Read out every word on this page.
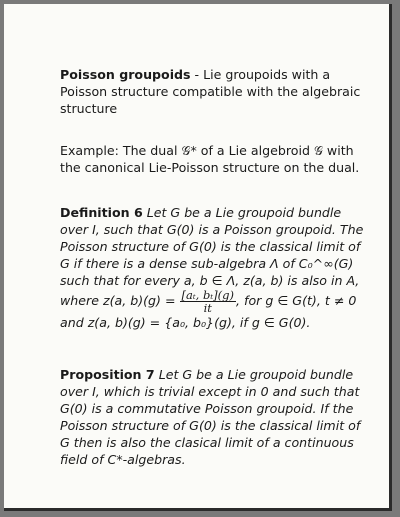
Poisson groupoids - Lie groupoids with a Poisson structure compatible with the algebraic structure
Example: The dual 𝒢* of a Lie algebroid 𝒢 with the canonical Lie-Poisson structure on the dual.
Definition 6 Let G be a Lie groupoid bundle over I, such that G(0) is a Poisson groupoid. The Poisson structure of G(0) is the classical limit of G if there is a dense sub-algebra Λ of C₀^∞(G) such that for every a, b ∈ Λ, z(a, b) is also in A, where z(a, $b)(g) = \frac{\text{[aₜ, bₜ](g)}}{it}$ , for g ∈ G(t), t ≠ 0 and z(a, b)(g) = {a₀, b₀}(g), if g ∈ G(0).
Proposition 7 Let G be a Lie groupoid bundle over I, which is trivial except in 0 and such that G(0) is a commutative Poisson groupoid. If the Poisson structure of G(0) is the classical limit of G then is also the clasical limit of a continuous field of C*-algebras.
